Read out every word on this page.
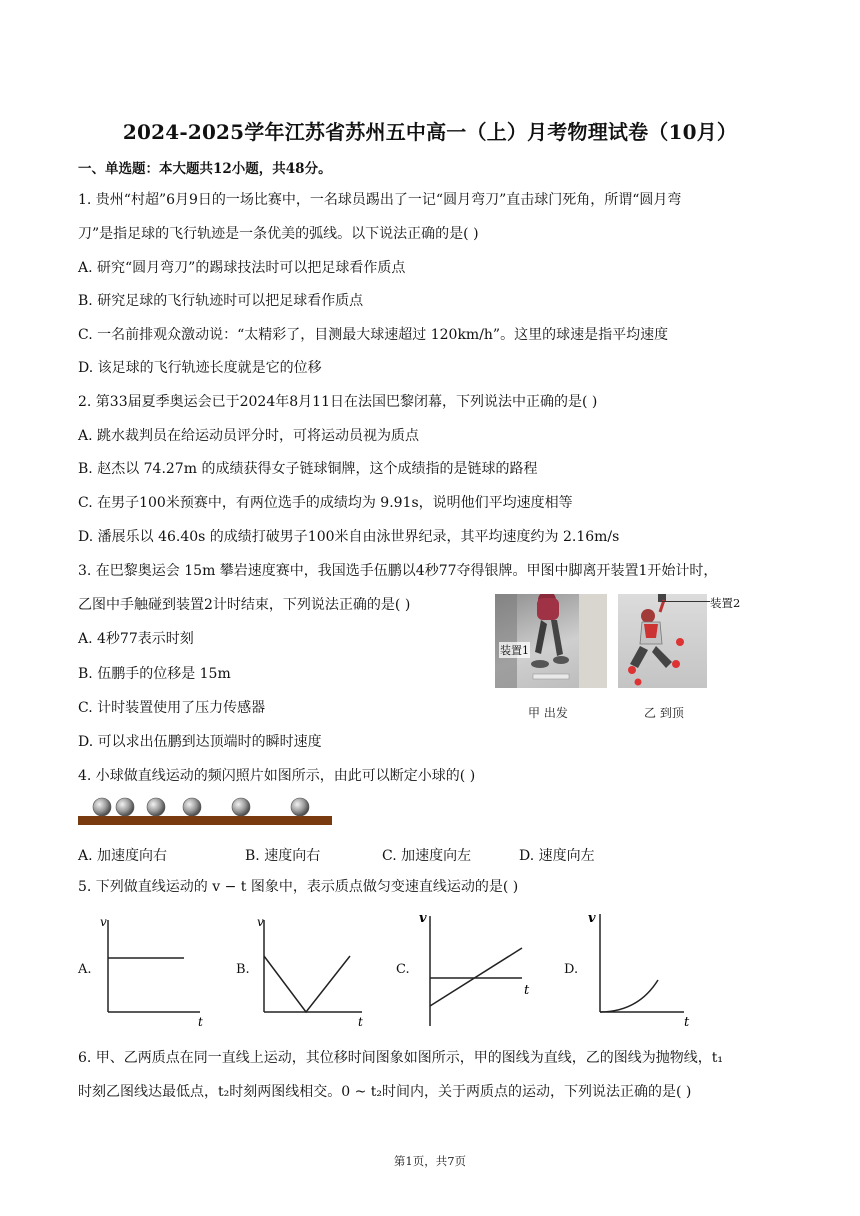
2024-2025学年江苏省苏州五中高一（上）月考物理试卷（10月）
一、单选题：本大题共12小题，共48分。
1. 贵州“村超”6月9日的一场比赛中，一名球员踢出了一记“圆月弯刀”直击球门死角，所谓“圆月弯
刀”是指足球的飞行轨迹是一条优美的弧线。以下说法正确的是( )
A. 研究“圆月弯刀”的踢球技法时可以把足球看作质点
B. 研究足球的飞行轨迹时可以把足球看作质点
C. 一名前排观众激动说：“太精彩了，目测最大球速超过 120km/h”。这里的球速是指平均速度
D. 该足球的飞行轨迹长度就是它的位移
2. 第33届夏季奥运会已于2024年8月11日在法国巴黎闭幕，下列说法中正确的是( )
A. 跳水裁判员在给运动员评分时，可将运动员视为质点
B. 赵杰以 74.27m 的成绩获得女子链球铜牌，这个成绩指的是链球的路程
C. 在男子100米预赛中，有两位选手的成绩均为 9.91s，说明他们平均速度相等
D. 潘展乐以 46.40s 的成绩打破男子100米自由泳世界纪录，其平均速度约为 2.16m/s
3. 在巴黎奥运会 15m 攀岩速度赛中，我国选手伍鹏以4秒77夺得银牌。甲图中脚离开装置1开始计时，
乙图中手触碰到装置2计时结束，下列说法正确的是( )
A. 4秒77表示时刻
B. 伍鹏手的位移是 15m
C. 计时装置使用了压力传感器
D. 可以求出伍鹏到达顶端时的瞬时速度
装置1
装置2
甲 出发	乙 到顶
4. 小球做直线运动的频闪照片如图所示，由此可以断定小球的( )
A. 加速度向右	B. 速度向右	C. 加速度向左	D. 速度向左
5. 下列做直线运动的 v − t 图象中，表示质点做匀变速直线运动的是( )
A.
v
t
B.
v
t
C.
v
t
D.
v
t
6. 甲、乙两质点在同一直线上运动，其位移时间图象如图所示，甲的图线为直线，乙的图线为抛物线，t₁
时刻乙图线达最低点，t₂时刻两图线相交。0 ~ t₂时间内，关于两质点的运动，下列说法正确的是( )
第1页，共7页
